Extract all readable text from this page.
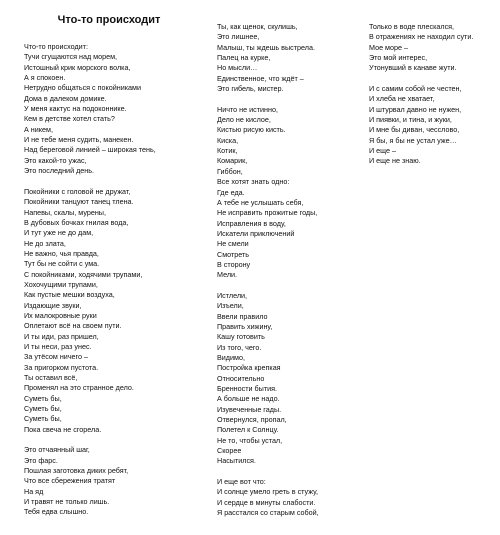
Что-то происходит
Что-то происходит:
Тучи сгущаются над морем,
Истошный крик морского волка,
А я спокоен.
Нетрудно общаться с покойниками
Дома в далеком домике.
У меня кактус на подоконнике.
Кем в детстве хотел стать?
А никем,
И не тебе меня судить, манекен.
Над береговой линией – широкая тень,
Это какой-то ужас,
Это последний день.
Покойники с головой не дружат,
Покойники танцуют танец тлена.
Напевы, скалы, мурены,
В дубовых бочках гнилая вода,
И тут уже не до дам,
Не до злата,
Не важно, чья правда,
Тут бы не сойти с ума.
С покойниками, ходячими трупами,
Хохочущими трупами,
Как пустые мешки воздуха,
Издающие звуки,
Их малокровные руки
Оплетают всё на своем пути.
И ты иди, раз пришел,
И ты неси, раз унес.
За утёсом ничего –
За пригорком пустота.
Ты оставил всё,
Променял на это странное дело.
Суметь бы,
Суметь бы,
Суметь бы,
Пока свеча не сгорела.
Это отчаянный шаг,
Это фарс.
Пошлая заготовка диких ребят,
Что все сбережения тратят
На яд
И травят не только лишь.
Тебя едва слышно.
Ты, как щенок, скулишь,
Это лишнее,
Малыш, ты ждешь выстрела.
Палец на курке,
Но мысли…
Единственное, что ждёт –
Это гибель, мистер.
Ничто не истинно,
Дело не кислое,
Кистью рисую кисть.
Киска,
Котик,
Комарик,
Гиббон,
Все хотят знать одно:
Где еда.
А тебе не услышать себя,
Не исправить прожитые годы,
Исправления в воду,
Искатели приключений
Не смели
Смотреть
В сторону
Мели.
Истлели,
Изъели,
Ввели правило
Править хижину,
Кашу готовить
Из того, чего.
Видимо,
Постройка крепкая
Относительно
Бренности бытия.
А больше не надо.
Изувеченные гады.
Отвернулся, пропал,
Полетел к Солнцу.
Не то, чтобы устал,
Скорее
Насытился.
И еще вот что:
И солнце умело греть в стужу,
И сердце в минуты слабости.
Я расстался со старым собой,
Только в воде плескался,
В отражениях не находил сути.
Мое море –
Это мой интерес,
Утонувший в канаве жути.
И с самим собой не честен,
И хлеба не хватает,
И штурвал давно не нужен,
И пиявки, и тина, и жуки,
И мне бы диван, чесслово,
Я бы, я бы не устал уже…
И еще –
И еще не знаю.
